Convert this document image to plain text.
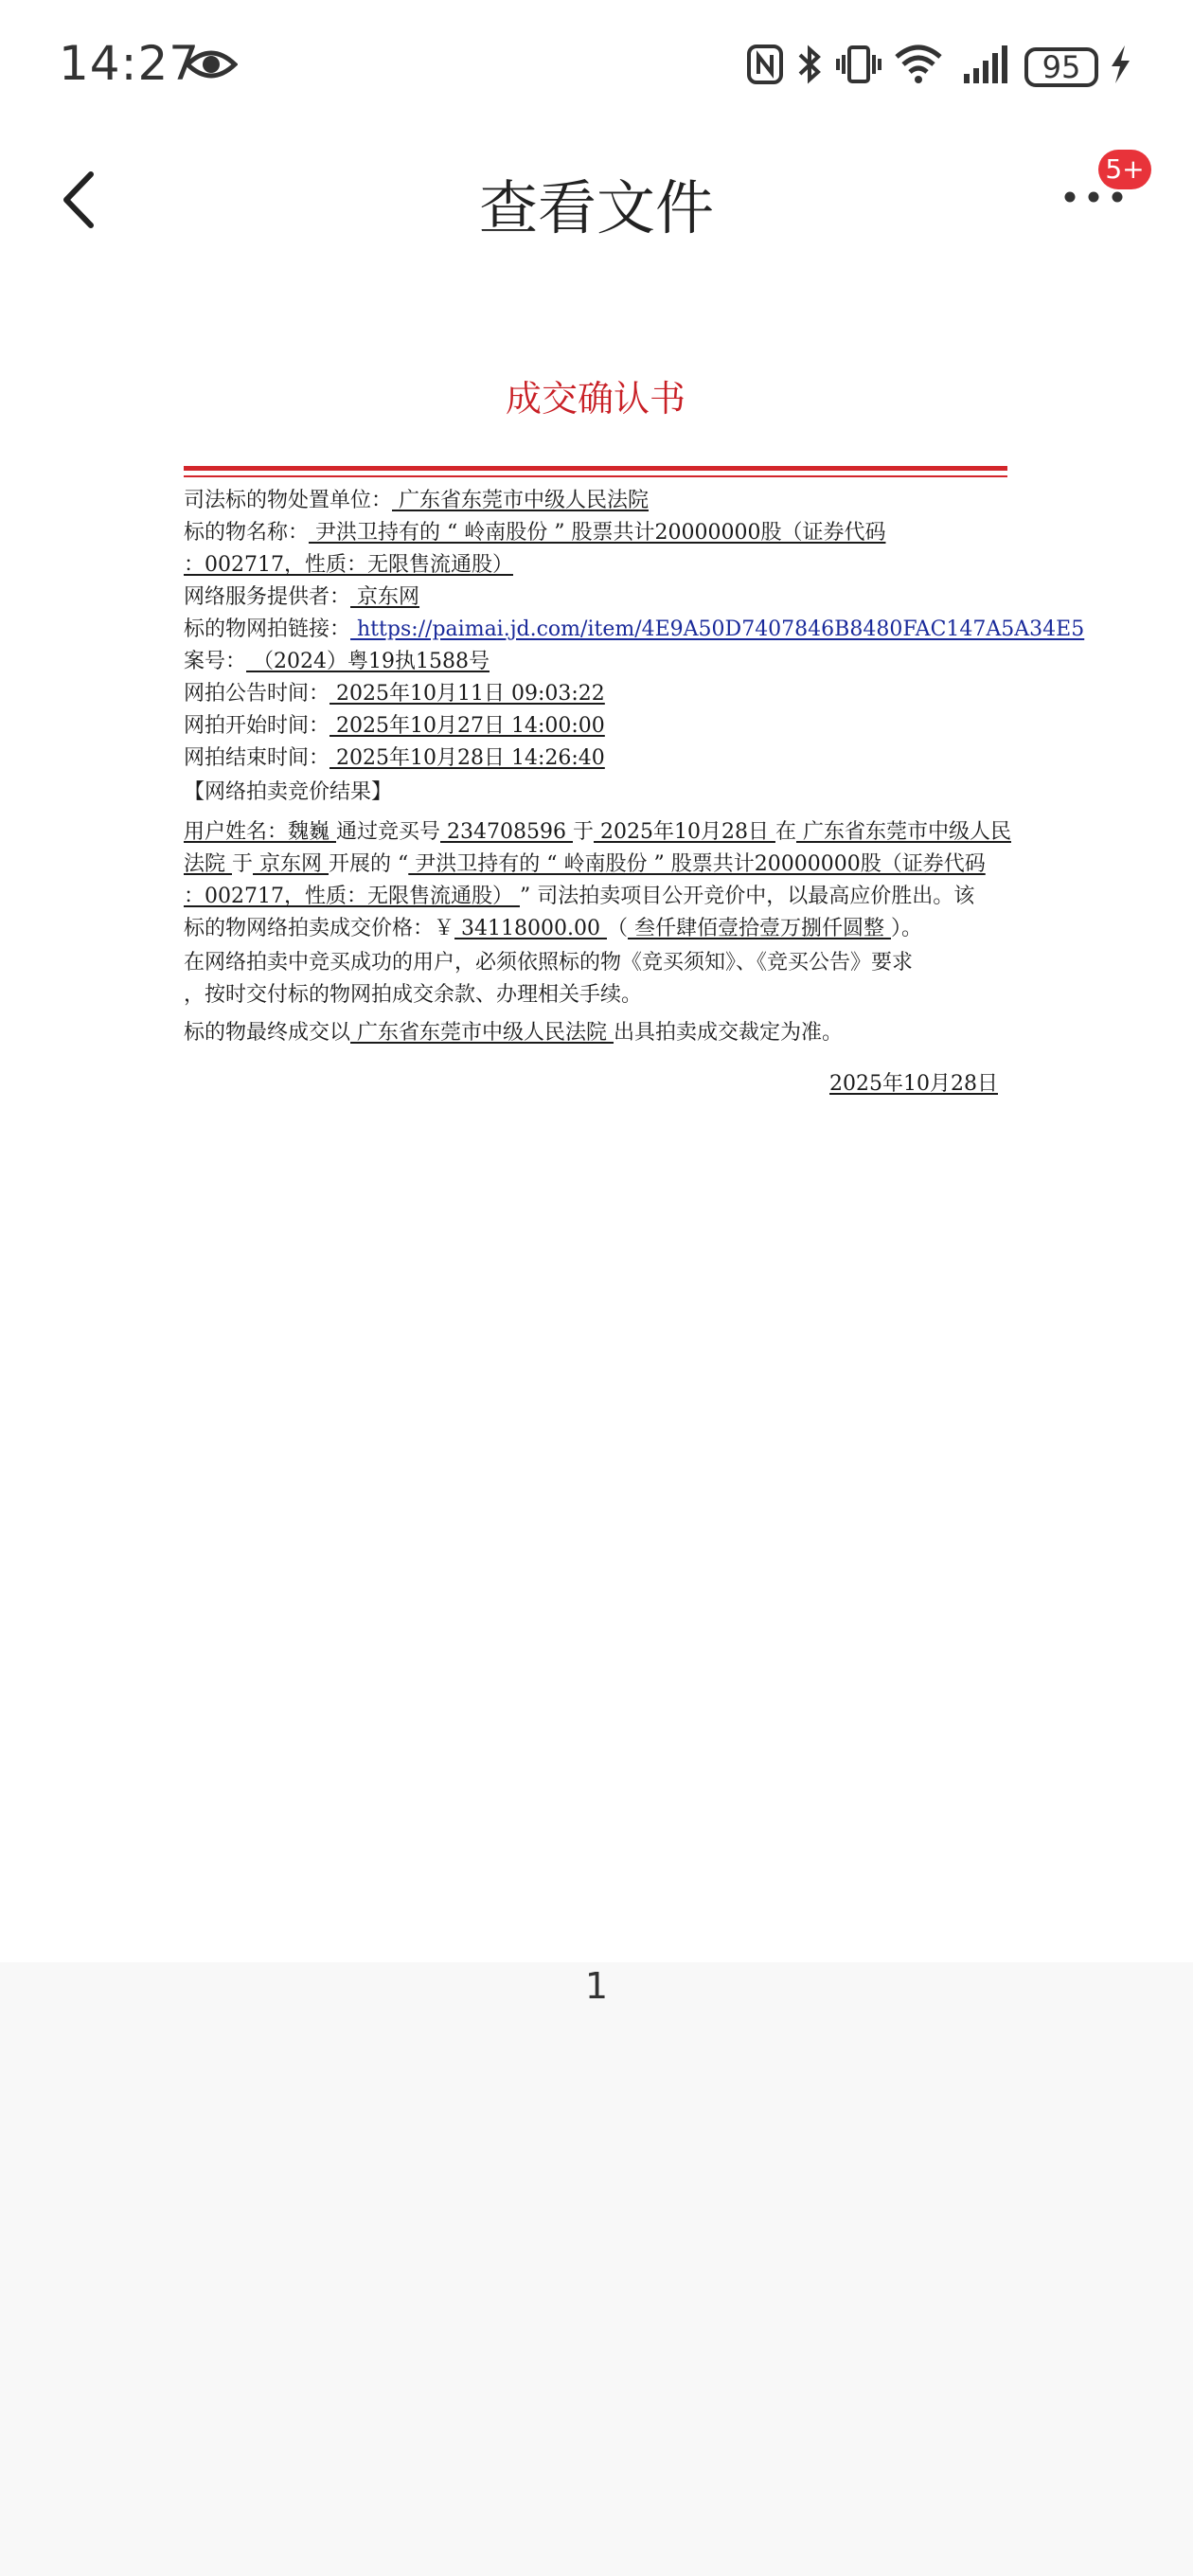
14:27	95
查看文件
5+
成交确认书
司法标的物处置单位： 广东省东莞市中级人民法院
标的物名称： 尹洪卫持有的 “ 岭南股份 ” 股票共计20000000股（证券代码
：002717，性质：无限售流通股）
网络服务提供者： 京东网
标的物网拍链接： https://paimai.jd.com/item/4E9A50D7407846B8480FAC147A5A34E5
案号： （2024）粤19执1588号
网拍公告时间： 2025年10月11日 09:03:22
网拍开始时间： 2025年10月27日 14:00:00
网拍结束时间： 2025年10月28日 14:26:40
【网络拍卖竞价结果】
用户姓名：魏巍 通过竞买号 234708596 于 2025年10月28日 在 广东省东莞市中级人民
法院 于 京东网 开展的 “ 尹洪卫持有的 “ 岭南股份 ” 股票共计20000000股（证券代码
：002717，性质：无限售流通股） ” 司法拍卖项目公开竞价中，以最高应价胜出。该
标的物网络拍卖成交价格：￥ 34118000.00 （ 叁仟肆佰壹拾壹万捌仟圆整 ）。
在网络拍卖中竞买成功的用户，必须依照标的物《竞买须知》、《竞买公告》要求
，按时交付标的物网拍成交余款、办理相关手续。
标的物最终成交以 广东省东莞市中级人民法院 出具拍卖成交裁定为准。
2025年10月28日
1
